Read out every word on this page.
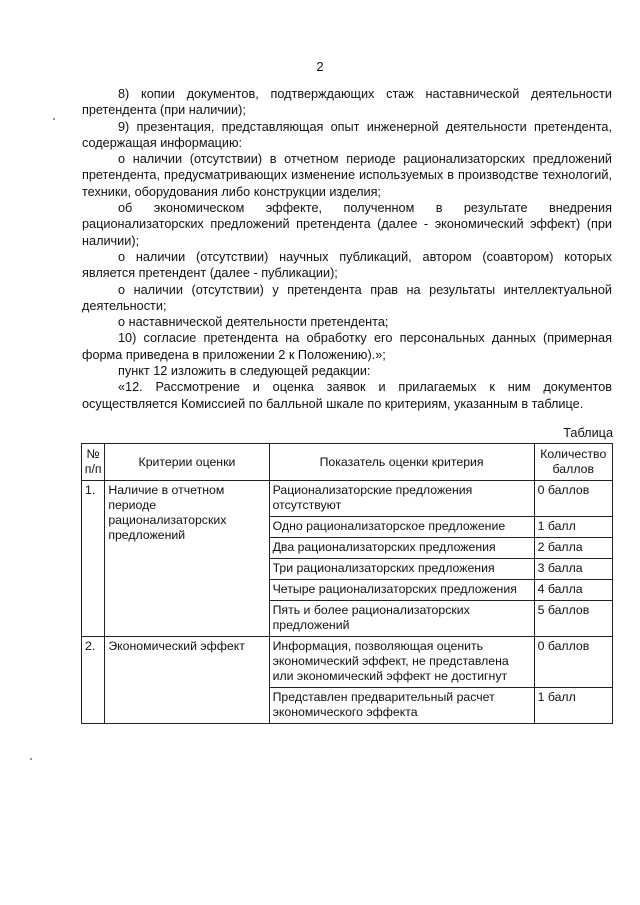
2

8) копии документов, подтверждающих стаж наставнической деятельности претендента (при наличии);

9) презентация, представляющая опыт инженерной деятельности претендента, содержащая информацию:

о наличии (отсутствии) в отчетном периоде рационализаторских предложений претендента, предусматривающих изменение используемых в производстве технологий, техники, оборудования либо конструкции изделия;

об экономическом эффекте, полученном в результате внедрения рационализаторских предложений претендента (далее - экономический эффект) (при наличии);

о наличии (отсутствии) научных публикаций, автором (соавтором) которых является претендент (далее - публикации);

о наличии (отсутствии) у претендента прав на результаты интеллектуальной деятельности;

о наставнической деятельности претендента;

10) согласие претендента на обработку его персональных данных (примерная форма приведена в приложении 2 к Положению).»;

пункт 12 изложить в следующей редакции:

«12. Рассмотрение и оценка заявок и прилагаемых к ним документов осуществляется Комиссией по балльной шкале по критериям, указанным в таблице.

Таблица
№ п/п	Критерии оценки	Показатель оценки критерия	Количество баллов
1.	Наличие в отчетном периоде рационализаторских предложений	Рационализаторские предложения отсутствуют	0 баллов
		Одно рационализаторское предложение	1 балл
		Два рационализаторских предложения	2 балла
		Три рационализаторских предложения	3 балла
		Четыре рационализаторских предложения	4 балла
		Пять и более рационализаторских предложений	5 баллов
2.	Экономический эффект	Информация, позволяющая оценить экономический эффект, не представлена или экономический эффект не достигнут	0 баллов
		Представлен предварительный расчет экономического эффекта	1 балл
